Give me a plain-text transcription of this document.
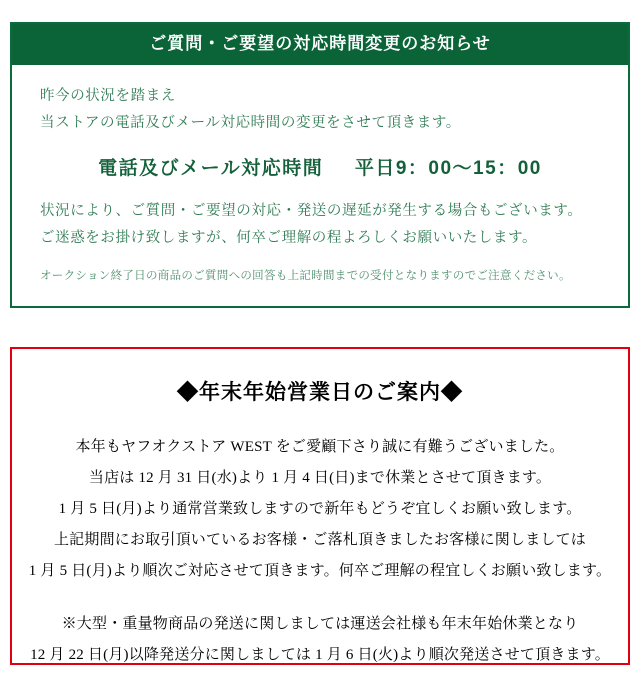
ご質問・ご要望の対応時間変更のお知らせ
昨今の状況を踏まえ
当ストアの電話及びメール対応時間の変更をさせて頂きます。
電話及びメール対応時間 平日9：00〜15：00
状況により、ご質問・ご要望の対応・発送の遅延が発生する場合もございます。
ご迷惑をお掛け致しますが、何卒ご理解の程よろしくお願いいたします。
オークション終了日の商品のご質問への回答も上記時間までの受付となりますのでご注意ください。
◆年末年始営業日のご案内◆
本年もヤフオクストア WEST をご愛顧下さり誠に有難うございました。
当店は 12 月 31 日(水)より 1 月 4 日(日)まで休業とさせて頂きます。
1 月 5 日(月)より通常営業致しますので新年もどうぞ宜しくお願い致します。
上記期間にお取引頂いているお客様・ご落札頂きましたお客様に関しましては
1 月 5 日(月)より順次ご対応させて頂きます。何卒ご理解の程宜しくお願い致します。
※大型・重量物商品の発送に関しましては運送会社様も年末年始休業となり
12 月 22 日(月)以降発送分に関しましては 1 月 6 日(火)より順次発送させて頂きます。
